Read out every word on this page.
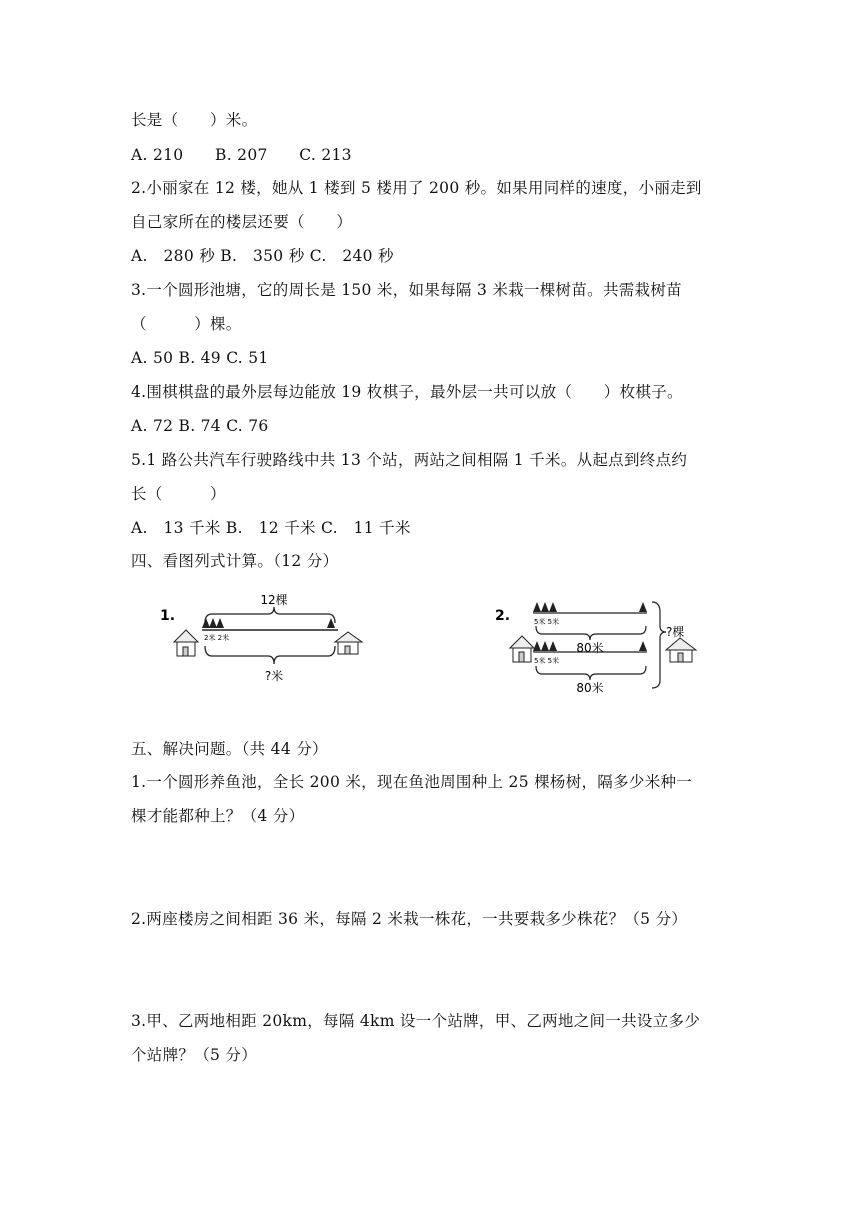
长是（　　）米。
A. 210　　B. 207　　C. 213
2.小丽家在 12 楼，她从 1 楼到 5 楼用了 200 秒。如果用同样的速度，小丽走到
自己家所在的楼层还要（　　）
A.　280 秒 B.　350 秒 C.　240 秒
3.一个圆形池塘，它的周长是 150 米，如果每隔 3 米栽一棵树苗。共需栽树苗
（　　　）棵。
A. 50 B. 49 C. 51
4.围棋棋盘的最外层每边能放 19 枚棋子，最外层一共可以放（　　）枚棋子。
A. 72 B. 74 C. 76
5.1 路公共汽车行驶路线中共 13 个站，两站之间相隔 1 千米。从起点到终点约
长（　　　）
A.　13 千米 B.　12 千米 C.　11 千米
四、看图列式计算。（12 分）
1.
12棵
2米 2米
?米
2.	5米 5米
80米
5米 5米
?棵
80米
五、解决问题。（共 44 分）
1.一个圆形养鱼池，全长 200 米，现在鱼池周围种上 25 棵杨树，隔多少米种一
棵才能都种上？（4 分）
2.两座楼房之间相距 36 米，每隔 2 米栽一株花，一共要栽多少株花？（5 分）
3.甲、乙两地相距 20km，每隔 4km 设一个站牌，甲、乙两地之间一共设立多少
个站牌？（5 分）
